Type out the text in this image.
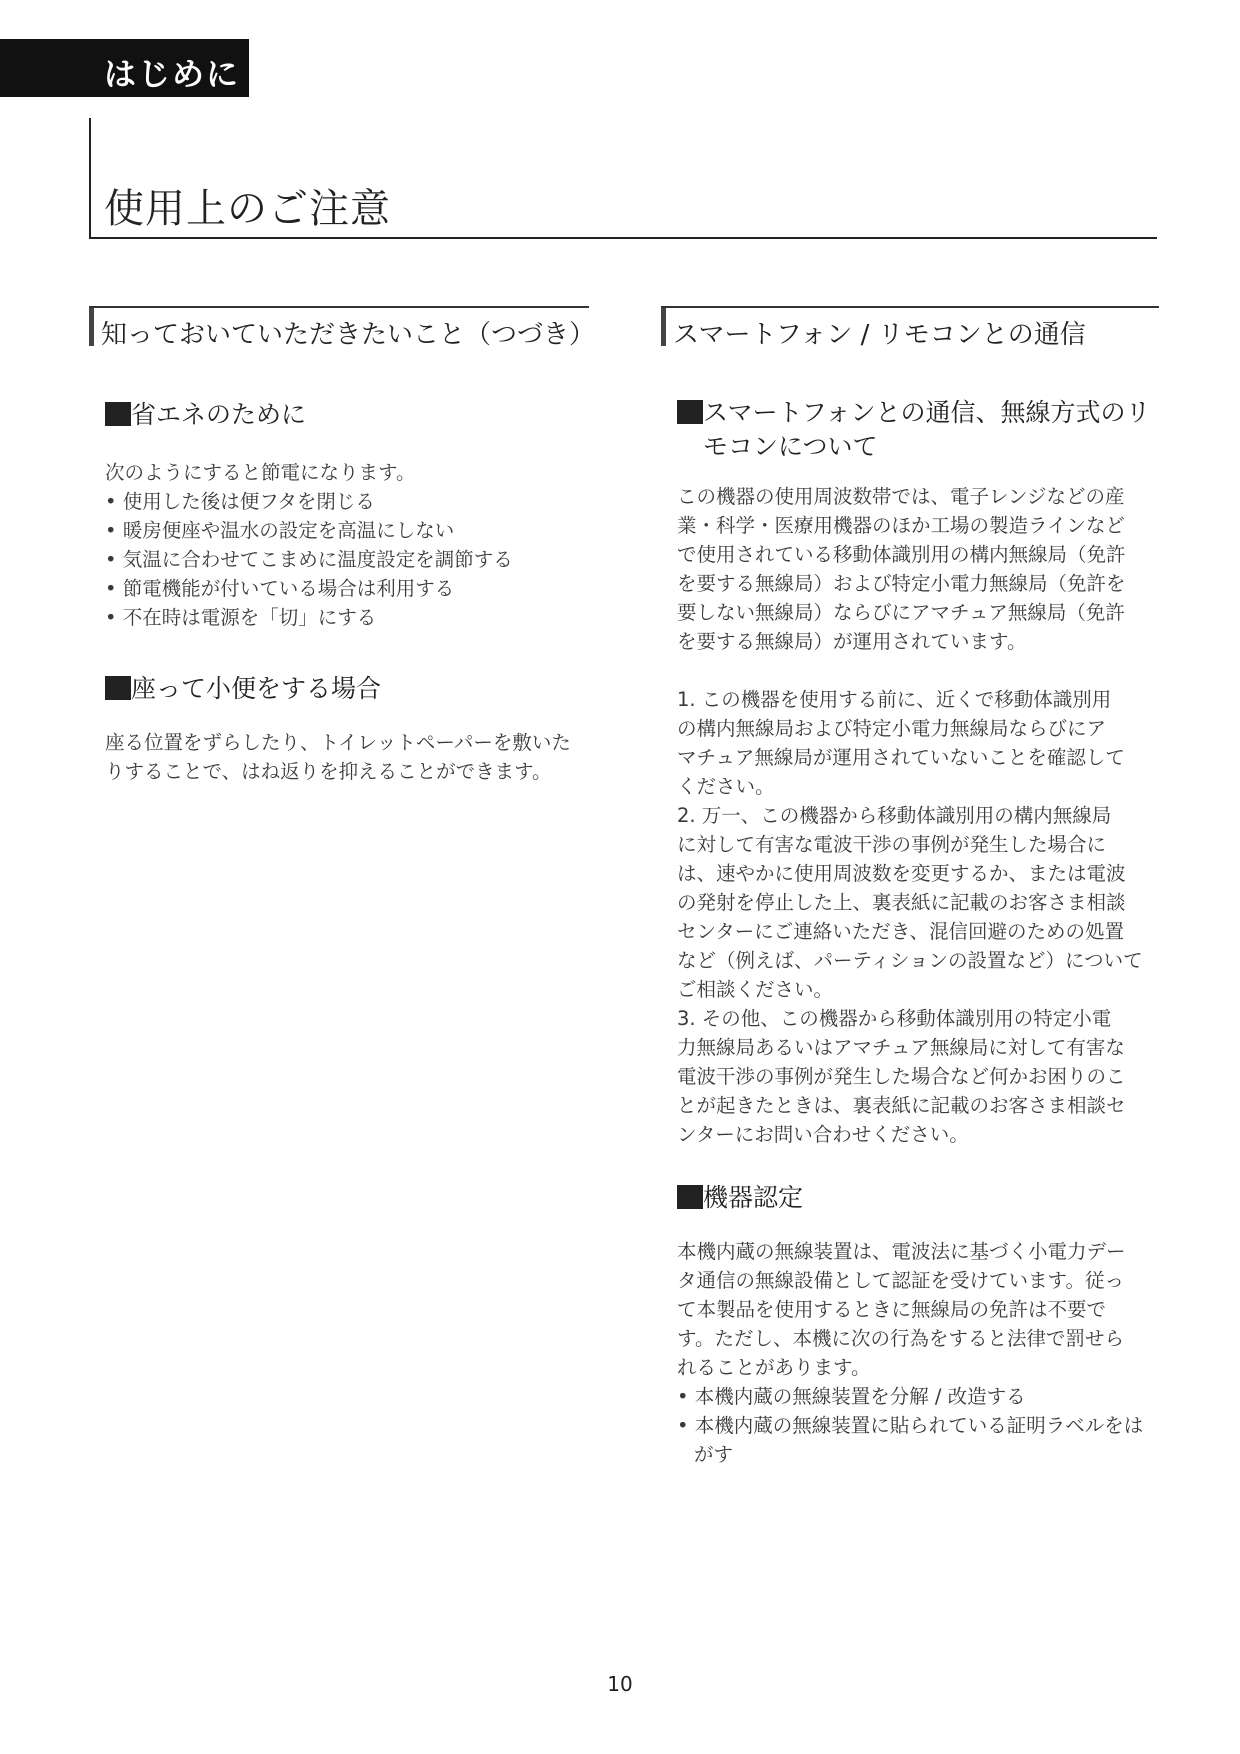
はじめに
使用上のご注意
知っておいていただきたいこと（つづき）
省エネのために

次のようにすると節電になります。

• 使用した後は便フタを閉じる

• 暖房便座や温水の設定を高温にしない

• 気温に合わせてこまめに温度設定を調節する

• 節電機能が付いている場合は利用する

• 不在時は電源を「切」にする

座って小便をする場合

座る位置をずらしたり、トイレットペーパーを敷いた

りすることで、はね返りを抑えることができます。

スマートフォン / リモコンとの通信
スマートフォンとの通信、無線方式のリモコンについて

この機器の使用周波数帯では、電子レンジなどの産

業・科学・医療用機器のほか工場の製造ラインなど

で使用されている移動体識別用の構内無線局（免許

を要する無線局）および特定小電力無線局（免許を

要しない無線局）ならびにアマチュア無線局（免許

を要する無線局）が運用されています。

1. この機器を使用する前に、近くで移動体識別用

の構内無線局および特定小電力無線局ならびにア

マチュア無線局が運用されていないことを確認して

ください。

2. 万一、この機器から移動体識別用の構内無線局

に対して有害な電波干渉の事例が発生した場合に

は、速やかに使用周波数を変更するか、または電波

の発射を停止した上、裏表紙に記載のお客さま相談

センターにご連絡いただき、混信回避のための処置

など（例えば、パーティションの設置など）について

ご相談ください。

3. その他、この機器から移動体識別用の特定小電

力無線局あるいはアマチュア無線局に対して有害な

電波干渉の事例が発生した場合など何かお困りのこ

とが起きたときは、裏表紙に記載のお客さま相談セ

ンターにお問い合わせください。

機器認定

本機内蔵の無線装置は、電波法に基づく小電力デー

タ通信の無線設備として認証を受けています。従っ

て本製品を使用するときに無線局の免許は不要で

す。ただし、本機に次の行為をすると法律で罰せら

れることがあります。

• 本機内蔵の無線装置を分解 / 改造する

• 本機内蔵の無線装置に貼られている証明ラベルをはがす

10
